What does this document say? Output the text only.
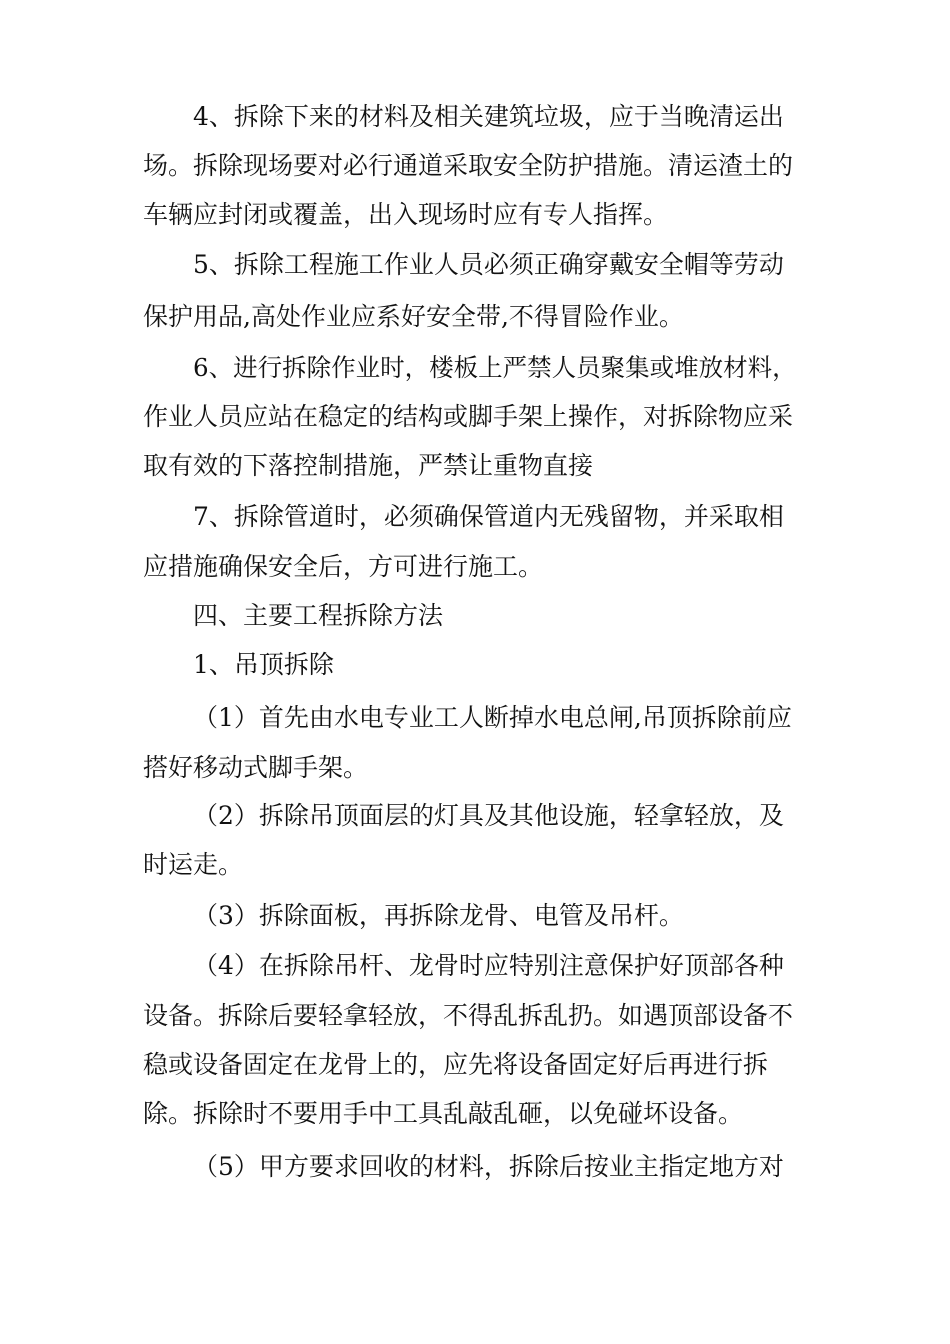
4、拆除下来的材料及相关建筑垃圾，应于当晚清运出
场。拆除现场要对必行通道采取安全防护措施。清运渣土的
车辆应封闭或覆盖，出入现场时应有专人指挥。
5、拆除工程施工作业人员必须正确穿戴安全帽等劳动
保护用品,高处作业应系好安全带,不得冒险作业。
6、进行拆除作业时，楼板上严禁人员聚集或堆放材料，
作业人员应站在稳定的结构或脚手架上操作，对拆除物应采
取有效的下落控制措施，严禁让重物直接
7、拆除管道时，必须确保管道内无残留物，并采取相
应措施确保安全后，方可进行施工。
四、主要工程拆除方法
1、吊顶拆除
（1）首先由水电专业工人断掉水电总闸,吊顶拆除前应
搭好移动式脚手架。
（2）拆除吊顶面层的灯具及其他设施，轻拿轻放，及
时运走。
（3）拆除面板，再拆除龙骨、电管及吊杆。
（4）在拆除吊杆、龙骨时应特别注意保护好顶部各种
设备。拆除后要轻拿轻放，不得乱拆乱扔。如遇顶部设备不
稳或设备固定在龙骨上的，应先将设备固定好后再进行拆
除。拆除时不要用手中工具乱敲乱砸，以免碰坏设备。
（5）甲方要求回收的材料，拆除后按业主指定地方对
